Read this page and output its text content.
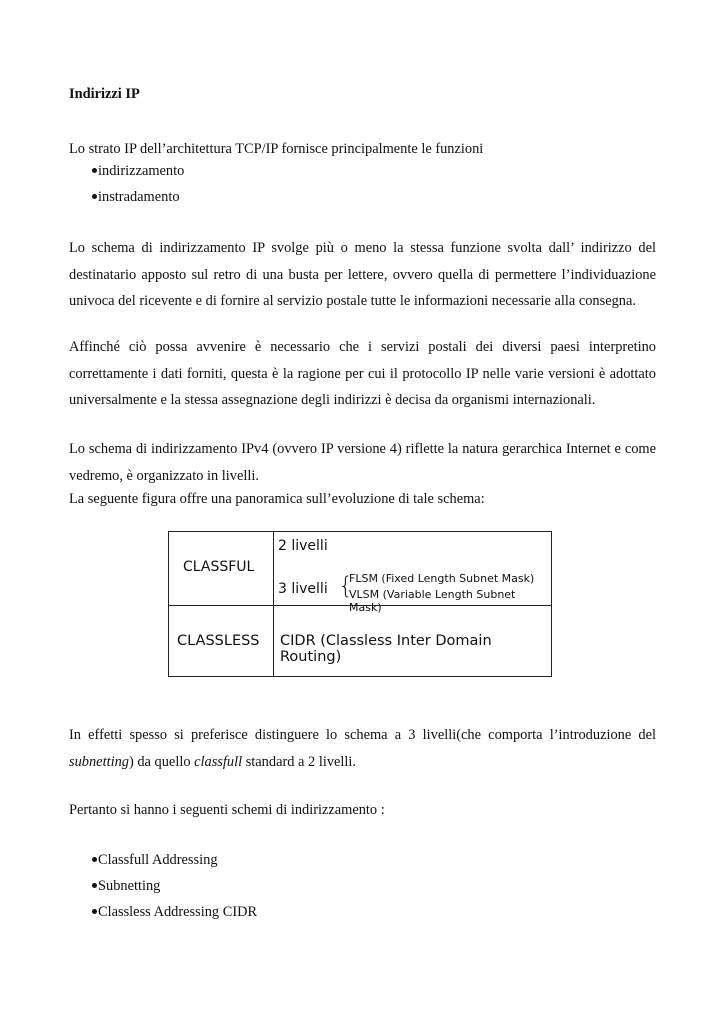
Indirizzi IP
Lo strato IP dell’architettura TCP/IP fornisce principalmente le funzioni
indirizzamento
instradamento

Lo schema di indirizzamento IP svolge più o meno la stessa funzione svolta dall’ indirizzo del destinatario apposto sul retro di una busta per lettere, ovvero quella di permettere l’individuazione univoca del ricevente e di fornire al servizio postale tutte le informazioni necessarie alla consegna.

Affinché ciò possa avvenire è necessario che i servizi postali dei diversi paesi interpretino correttamente i dati forniti, questa è la ragione per cui il protocollo IP nelle varie versioni è adottato universalmente e la stessa assegnazione degli indirizzi è decisa da organismi internazionali.

Lo schema di indirizzamento IPv4 (ovvero IP versione 4) riflette la natura gerarchica Internet e come vedremo, è organizzato in livelli.

La seguente figura offre una panoramica sull’evoluzione di tale schema:

CLASSFUL
2 livelli
3 livelli {
FLSM (Fixed Length Subnet Mask)
VLSM (Variable Length Subnet Mask)
CLASSLESS CIDR (Classless Inter Domain Routing)

In effetti spesso si preferisce distinguere lo schema a 3 livelli(che comporta l’introduzione del subnetting) da quello classfull standard a 2 livelli.

Pertanto si hanno i seguenti schemi di indirizzamento :

Classfull Addressing
Subnetting
Classless Addressing CIDR
